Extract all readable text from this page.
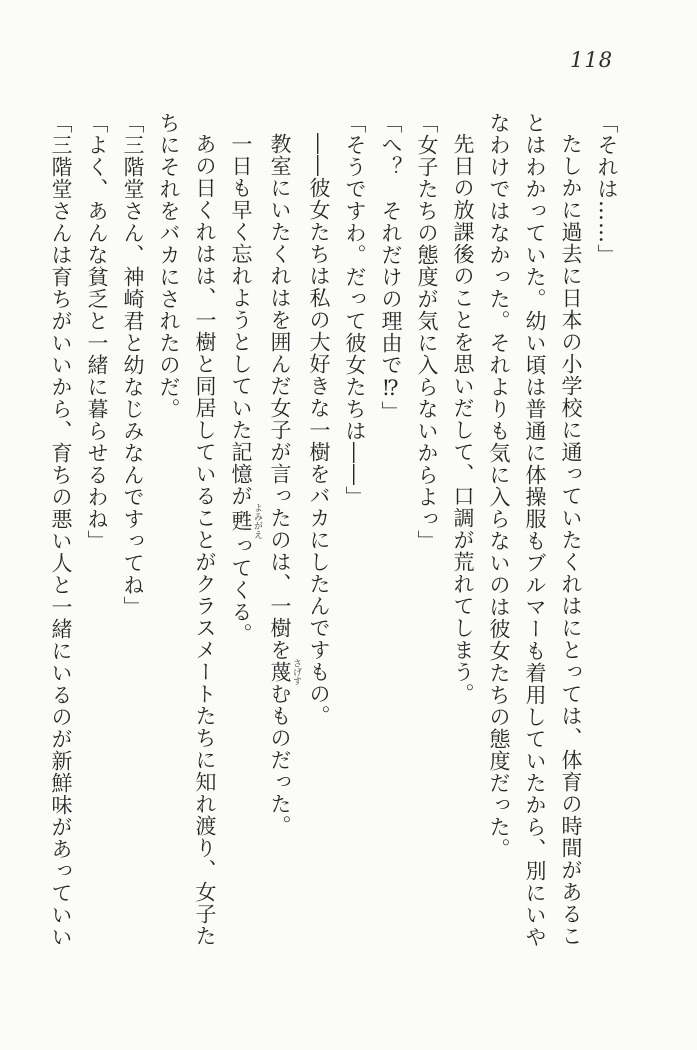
118

「それは……」

たしかに過去に日本の小学校に通っていたくれはにとっては、体育の時間があるこ

とはわかっていた。幼い頃は普通に体操服もブルマーも着用していたから、別にいや

なわけではなかった。それよりも気に入らないのは彼女たちの態度だった。

先日の放課後のことを思いだして、口調が荒れてしまう。

「女子たちの態度が気に入らないからよっ」

「へ？　それだけの理由で⁉」

「そうですわ。だって彼女たちは――」

――彼女たちは私の大好きな一樹をバカにしたんですもの。

教室にいたくれはを囲んだ女子が言ったのは、一樹を蔑 さげすむものだった。

一日も早く忘れようとしていた記憶が甦 よみがえってくる。

あの日くれはは、一樹と同居していることがクラスメートたちに知れ渡り、女子た

ちにそれをバカにされたのだ。

「三階堂さん、神崎君と幼なじみなんですってね」

「よく、あんな貧乏と一緒に暮らせるわね」

「三階堂さんは育ちがいいから、育ちの悪い人と一緒にいるのが新鮮味があっていい
